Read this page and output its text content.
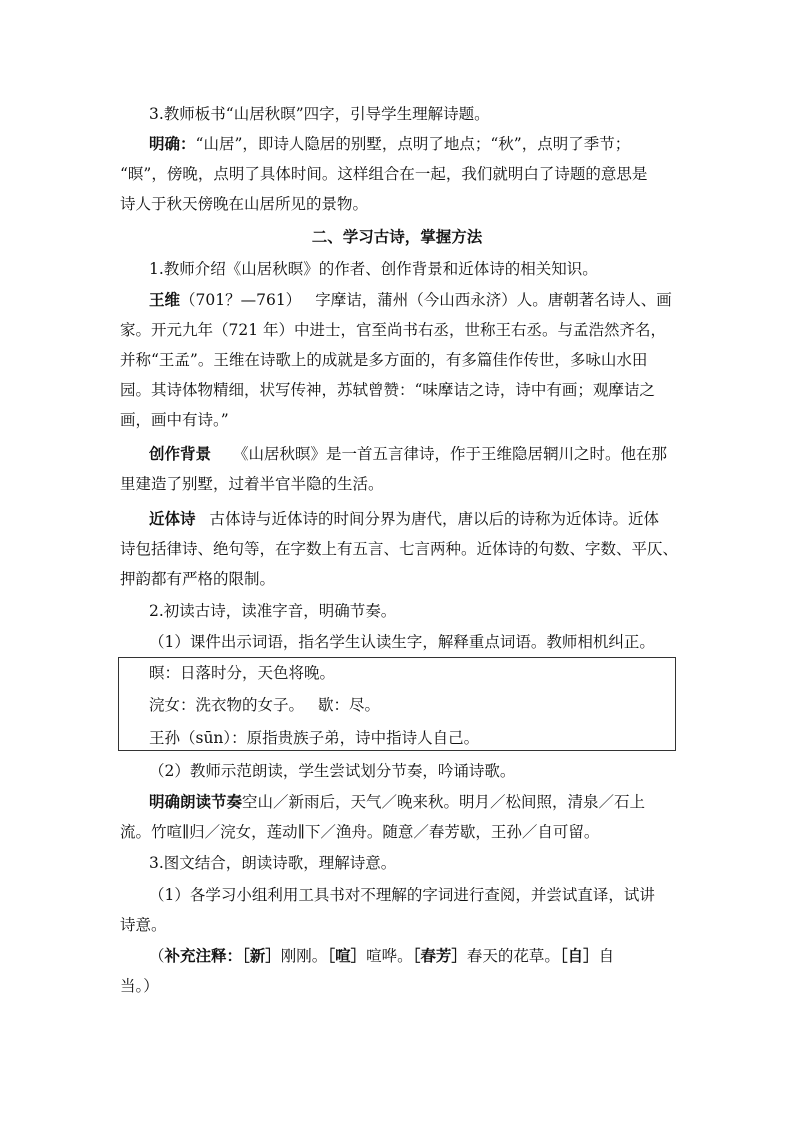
3.教师板书“山居秋暝”四字，引导学生理解诗题。
明确：“山居”，即诗人隐居的别墅，点明了地点；“秋”，点明了季节；
“暝”，傍晚，点明了具体时间。这样组合在一起，我们就明白了诗题的意思是
诗人于秋天傍晚在山居所见的景物。
二、学习古诗，掌握方法
1.教师介绍《山居秋暝》的作者、创作背景和近体诗的相关知识。
王维（701？—761） 字摩诘，蒲州（今山西永济）人。唐朝著名诗人、画
家。开元九年（721 年）中进士，官至尚书右丞，世称王右丞。与孟浩然齐名，
并称“王孟”。王维在诗歌上的成就是多方面的，有多篇佳作传世，多咏山水田
园。其诗体物精细，状写传神，苏轼曾赞：“味摩诘之诗，诗中有画；观摩诘之
画，画中有诗。”
创作背景 《山居秋暝》是一首五言律诗，作于王维隐居辋川之时。他在那
里建造了别墅，过着半官半隐的生活。
近体诗 古体诗与近体诗的时间分界为唐代，唐以后的诗称为近体诗。近体
诗包括律诗、绝句等，在字数上有五言、七言两种。近体诗的句数、字数、平仄、
押韵都有严格的限制。
2.初读古诗，读准字音，明确节奏。
（1）课件出示词语，指名学生认读生字，解释重点词语。教师相机纠正。
暝：日落时分，天色将晚。
浣女：洗衣物的女子。 歇：尽。
王孙（sūn）：原指贵族子弟，诗中指诗人自己。
（2）教师示范朗读，学生尝试划分节奏，吟诵诗歌。
明确朗读节奏空山／新雨后，天气／晚来秋。明月／松间照，清泉／石上
流。竹喧∥归／浣女，莲动∥下／渔舟。随意／春芳歇，王孙／自可留。
3.图文结合，朗读诗歌，理解诗意。
（1）各学习小组利用工具书对不理解的字词进行查阅，并尝试直译，试讲
诗意。
（补充注释：［新］刚刚。［喧］喧哗。［春芳］春天的花草。［自］自
当。）
